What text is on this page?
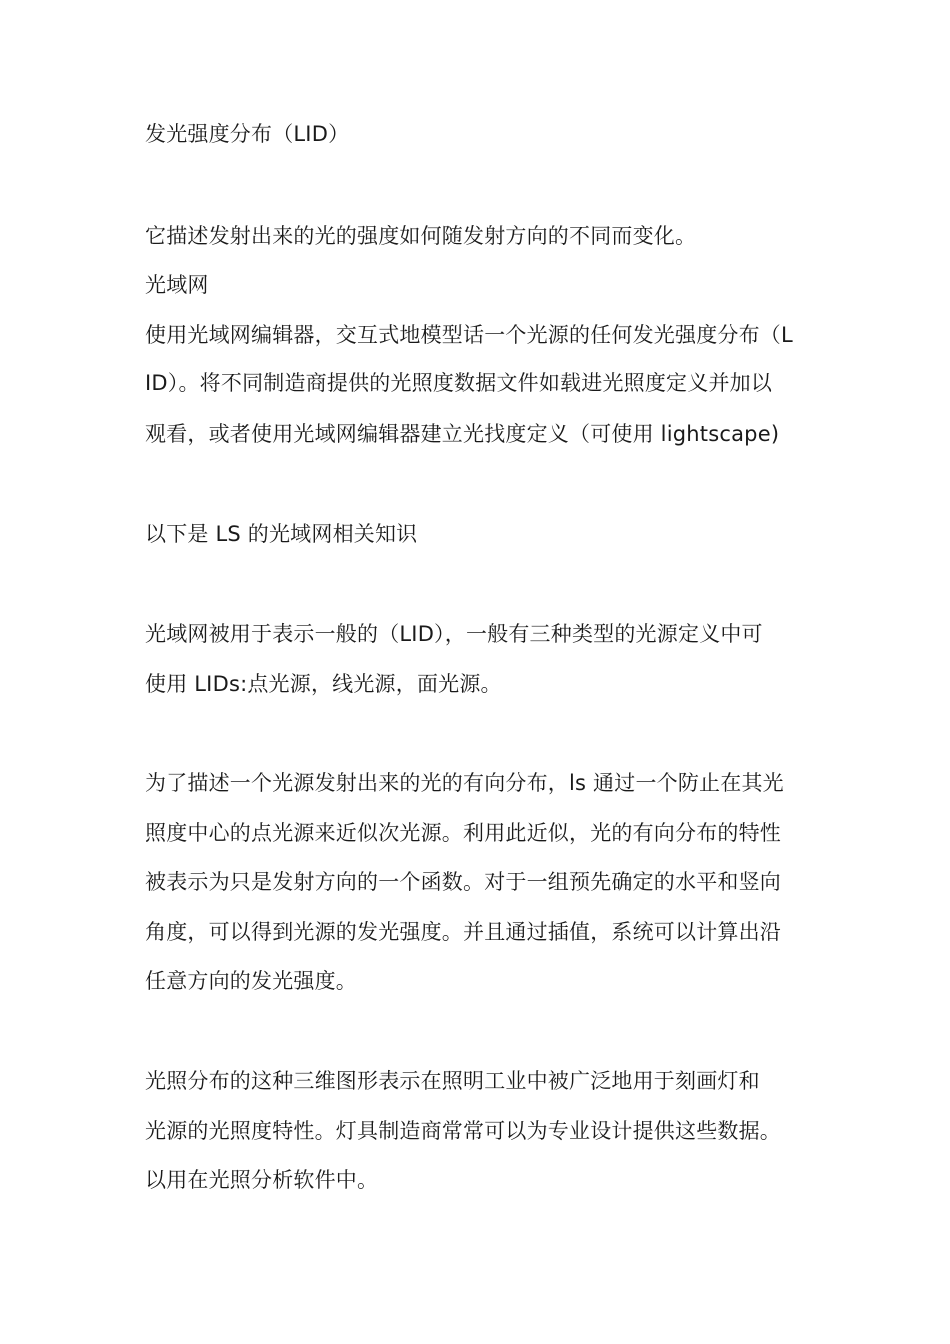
发光强度分布（LID）
它描述发射出来的光的强度如何随发射方向的不同而变化。
光域网
使用光域网编辑器，交互式地模型话一个光源的任何发光强度分布（L
ID）。将不同制造商提供的光照度数据文件如载进光照度定义并加以
观看，或者使用光域网编辑器建立光找度定义（可使用 lightscape)
以下是 LS 的光域网相关知识
光域网被用于表示一般的（LID），一般有三种类型的光源定义中可
使用 LIDs:点光源，线光源，面光源。
为了描述一个光源发射出来的光的有向分布，ls 通过一个防止在其光
照度中心的点光源来近似次光源。利用此近似，光的有向分布的特性
被表示为只是发射方向的一个函数。对于一组预先确定的水平和竖向
角度，可以得到光源的发光强度。并且通过插值，系统可以计算出沿
任意方向的发光强度。
光照分布的这种三维图形表示在照明工业中被广泛地用于刻画灯和
光源的光照度特性。灯具制造商常常可以为专业设计提供这些数据。
以用在光照分析软件中。
